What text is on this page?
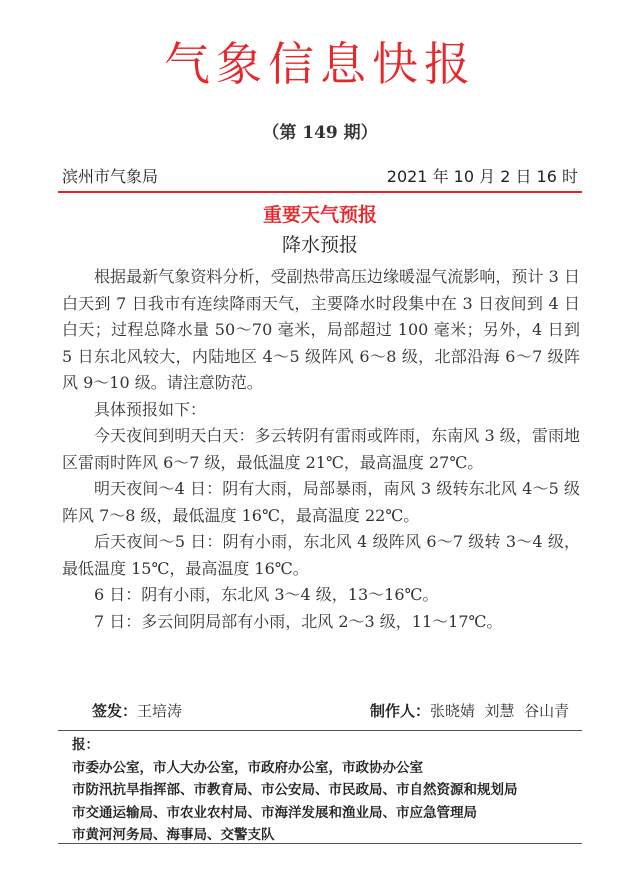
气象信息快报
（第 149 期）
滨州市气象局	2021 年 10 月 2 日 16 时
重要天气预报
降水预报

根据最新气象资料分析，受副热带高压边缘暖湿气流影响，预计 3 日白天到 7 日我市有连续降雨天气，主要降水时段集中在 3 日夜间到 4 日白天；过程总降水量 50～70 毫米，局部超过 100 毫米；另外，4 日到 5 日东北风较大，内陆地区 4～5 级阵风 6～8 级，北部沿海 6～7 级阵风 9～10 级。请注意防范。

具体预报如下：

今天夜间到明天白天：多云转阴有雷雨或阵雨，东南风 3 级，雷雨地区雷雨时阵风 6～7 级，最低温度 21℃，最高温度 27℃。

明天夜间～4 日：阴有大雨，局部暴雨，南风 3 级转东北风 4～5 级阵风 7～8 级，最低温度 16℃，最高温度 22℃。

后天夜间～5 日：阴有小雨，东北风 4 级阵风 6～7 级转 3～4 级，最低温度 15℃，最高温度 16℃。

6 日：阴有小雨，东北风 3～4 级，13～16℃。

7 日：多云间阴局部有小雨，北风 2～3 级，11～17℃。

签发：王培涛	制作人：张晓婧  刘慧  谷山青
报：
市委办公室，市人大办公室，市政府办公室，市政协办公室
市防汛抗旱指挥部、市教育局、市公安局、市民政局、市自然资源和规划局
市交通运输局、市农业农村局、市海洋发展和渔业局、市应急管理局
市黄河河务局、海事局、交警支队
